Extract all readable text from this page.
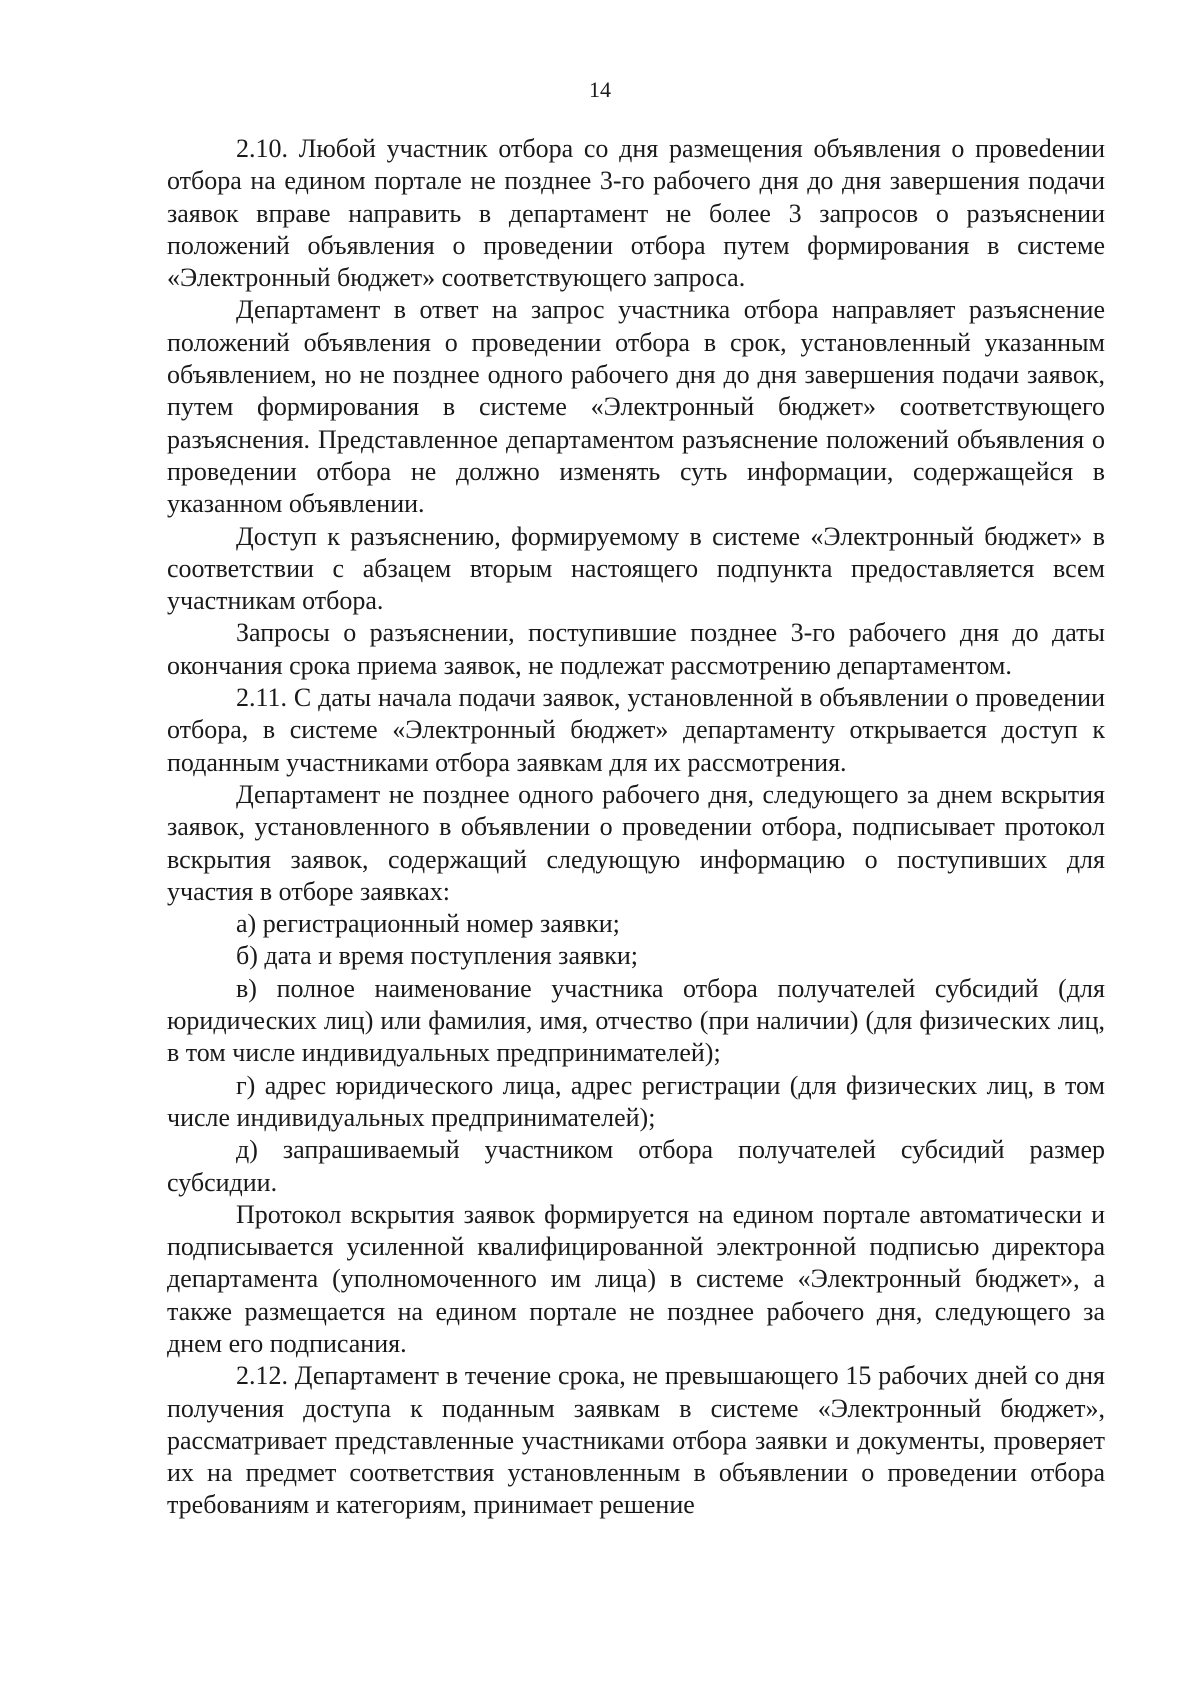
14

2.10. Любой участник отбора со дня размещения объявления о провеdении отбора на едином портале не позднее 3-го рабочего дня до дня завершения подачи заявок вправе направить в департамент не более 3 запросов о разъяснении положений объявления о проведении отбора путем формирования в системе «Электронный бюджет» соответствующего запроса.

Департамент в ответ на запрос участника отбора направляет разъяснение положений объявления о проведении отбора в срок, установленный указанным объявлением, но не позднее одного рабочего дня до дня завершения подачи заявок, путем формирования в системе «Электронный бюджет» соответствующего разъяснения. Представленное департаментом разъяснение положений объявления о проведении отбора не должно изменять суть информации, содержащейся в указанном объявлении.

Доступ к разъяснению, формируемому в системе «Электронный бюджет» в соответствии с абзацем вторым настоящего подпункта предоставляется всем участникам отбора.

Запросы о разъяснении, поступившие позднее 3-го рабочего дня до даты окончания срока приема заявок, не подлежат рассмотрению департаментом.

2.11. С даты начала подачи заявок, установленной в объявлении о проведении отбора, в системе «Электронный бюджет» департаменту открывается доступ к поданным участниками отбора заявкам для их рассмотрения.

Департамент не позднее одного рабочего дня, следующего за днем вскрытия заявок, установленного в объявлении о проведении отбора, подписывает протокол вскрытия заявок, содержащий следующую информацию о поступивших для участия в отборе заявках:

а) регистрационный номер заявки;

б) дата и время поступления заявки;

в) полное наименование участника отбора получателей субсидий (для юридических лиц) или фамилия, имя, отчество (при наличии) (для физических лиц, в том числе индивидуальных предпринимателей);

г) адрес юридического лица, адрес регистрации (для физических лиц, в том числе индивидуальных предпринимателей);

д) запрашиваемый участником отбора получателей субсидий размер субсидии.

Протокол вскрытия заявок формируется на едином портале автоматически и подписывается усиленной квалифицированной электронной подписью директора департамента (уполномоченного им лица) в системе «Электронный бюджет», а также размещается на едином портале не позднее рабочего дня, следующего за днем его подписания.

2.12. Департамент в течение срока, не превышающего 15 рабочих дней со дня получения доступа к поданным заявкам в системе «Электронный бюджет», рассматривает представленные участниками отбора заявки и документы, проверяет их на предмет соответствия установленным в объявлении о проведении отбора требованиям и категориям, принимает решение
